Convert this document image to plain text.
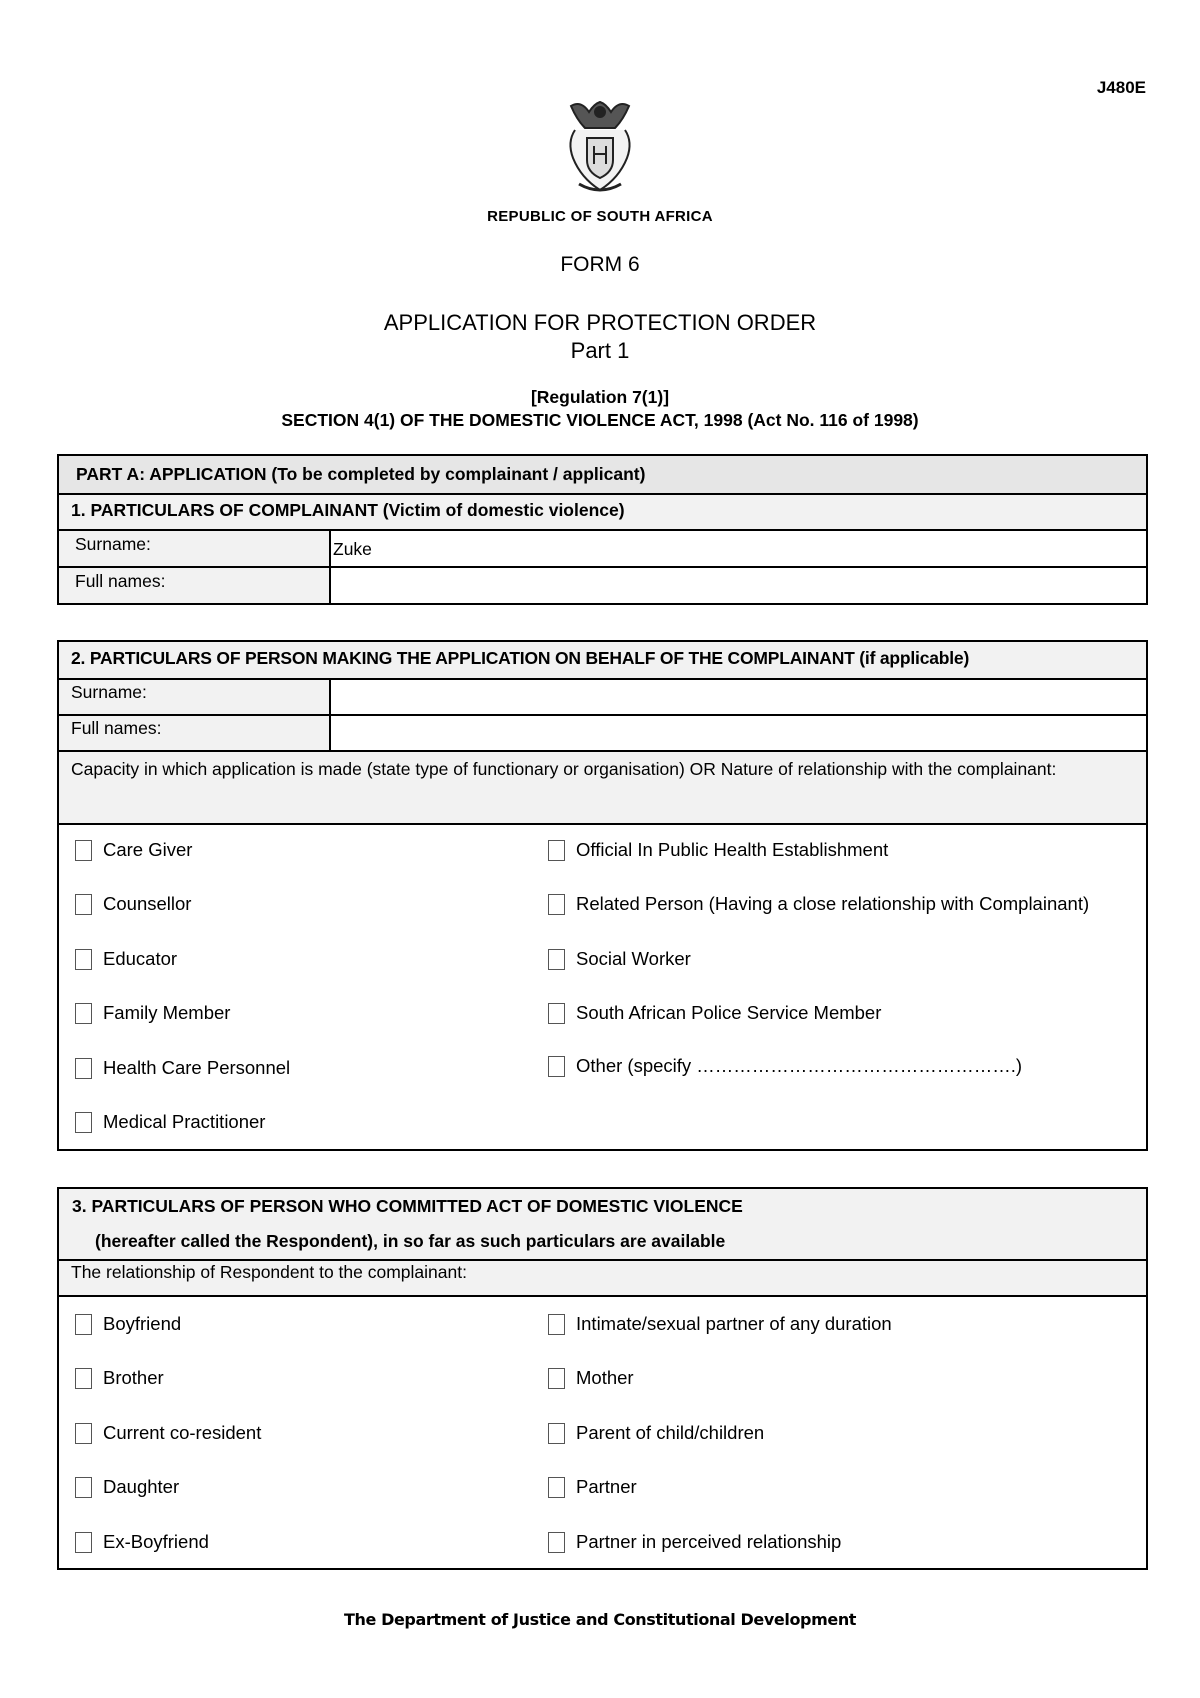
J480E
REPUBLIC OF SOUTH AFRICA
FORM 6
APPLICATION FOR PROTECTION ORDER
Part 1
[Regulation 7(1)]
SECTION 4(1) OF THE DOMESTIC VIOLENCE ACT, 1998 (Act No. 116 of 1998)
PART A: APPLICATION (To be completed by complainant / applicant)
1. PARTICULARS OF COMPLAINANT (Victim of domestic violence)
Surname:	Zuke
Full names:
2. PARTICULARS OF PERSON MAKING THE APPLICATION ON BEHALF OF THE COMPLAINANT (if applicable)
Surname:
Full names:
Capacity in which application is made (state type of functionary or organisation) OR Nature of relationship with the complainant:
Care Giver
Counsellor
Educator
Family Member
Health Care Personnel
Medical Practitioner
Official In Public Health Establishment
Related Person (Having a close relationship with Complainant)
Social Worker
South African Police Service Member
Other (specify …………………………………………….)
3. PARTICULARS OF PERSON WHO COMMITTED ACT OF DOMESTIC VIOLENCE
(hereafter called the Respondent), in so far as such particulars are available
The relationship of Respondent to the complainant:
Boyfriend
Brother
Current co-resident
Daughter
Ex-Boyfriend
Intimate/sexual partner of any duration
Mother
Parent of child/children
Partner
Partner in perceived relationship
The Department of Justice and Constitutional Development
